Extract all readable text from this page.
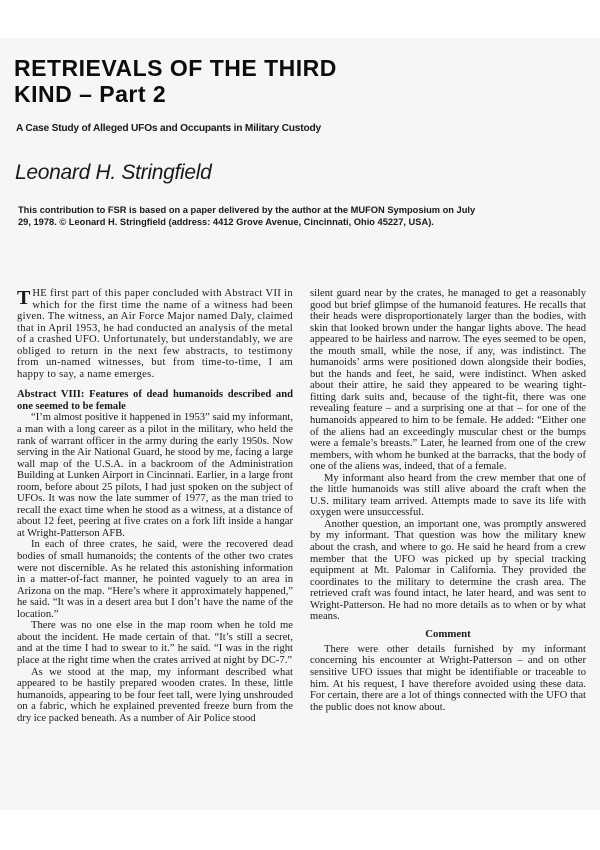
RETRIEVALS OF THE THIRD
KIND – Part 2
A Case Study of Alleged UFOs and Occupants in Military Custody
Leonard H. Stringfield

This contribution to FSR is based on a paper delivered by the author at the MUFON Symposium on July 29, 1978. © Leonard H. Stringfield (address: 4412 Grove Avenue, Cincinnati, Ohio 45227, USA).

THE first part of this paper concluded with Abstract VII in which for the first time the name of a witness had been given. The witness, an Air Force Major named Daly, claimed that in April 1953, he had conducted an analysis of the metal of a crashed UFO. Unfortunately, but understandably, we are obliged to return in the next few abstracts, to testimony from un-named witnesses, but from time-to-time, I am happy to say, a name emerges.

Abstract VIII: Features of dead humanoids described and one seemed to be female

“I’m almost positive it happened in 1953” said my informant, a man with a long career as a pilot in the military, who held the rank of warrant officer in the army during the early 1950s. Now serving in the Air National Guard, he stood by me, facing a large wall map of the U.S.A. in a backroom of the Administration Building at Lunken Airport in Cincinnati. Earlier, in a large front room, before about 25 pilots, I had just spoken on the subject of UFOs. It was now the late summer of 1977, as the man tried to recall the exact time when he stood as a witness, at a distance of about 12 feet, peering at five crates on a fork lift inside a hangar at Wright-Patterson AFB.

In each of three crates, he said, were the recovered dead bodies of small humanoids; the contents of the other two crates were not discernible. As he related this astonishing information in a matter-of-fact manner, he pointed vaguely to an area in Arizona on the map. “Here’s where it approximately happened,” he said. “It was in a desert area but I don’t have the name of the location.”

There was no one else in the map room when he told me about the incident. He made certain of that. “It’s still a secret, and at the time I had to swear to it.” he said. “I was in the right place at the right time when the crates arrived at night by DC-7.”

As we stood at the map, my informant described what appeared to be hastily prepared wooden crates. In these, little humanoids, appearing to be four feet tall, were lying unshrouded on a fabric, which he explained prevented freeze burn from the dry ice packed beneath. As a number of Air Police stood

silent guard near by the crates, he managed to get a reasonably good but brief glimpse of the humanoid features. He recalls that their heads were disproportionately larger than the bodies, with skin that looked brown under the hangar lights above. The head appeared to be hairless and narrow. The eyes seemed to be open, the mouth small, while the nose, if any, was indistinct. The humanoids’ arms were positioned down alongside their bodies, but the hands and feet, he said, were indistinct. When asked about their attire, he said they appeared to be wearing tight-fitting dark suits and, because of the tight-fit, there was one revealing feature – and a surprising one at that – for one of the humanoids appeared to him to be female. He added: “Either one of the aliens had an exceedingly muscular chest or the bumps were a female’s breasts.” Later, he learned from one of the crew members, with whom he bunked at the barracks, that the body of one of the aliens was, indeed, that of a female.

My informant also heard from the crew member that one of the little humanoids was still alive aboard the craft when the U.S. military team arrived. Attempts made to save its life with oxygen were unsuccessful.

Another question, an important one, was promptly answered by my informant. That question was how the military knew about the crash, and where to go. He said he heard from a crew member that the UFO was picked up by special tracking equipment at Mt. Palomar in California. They provided the coordinates to the military to determine the crash area. The retrieved craft was found intact, he later heard, and was sent to Wright-Patterson. He had no more details as to when or by what means.

Comment

There were other details furnished by my informant concerning his encounter at Wright-Patterson – and on other sensitive UFO issues that might be identifiable or traceable to him. At his request, I have therefore avoided using these data. For certain, there are a lot of things connected with the UFO that the public does not know about.
